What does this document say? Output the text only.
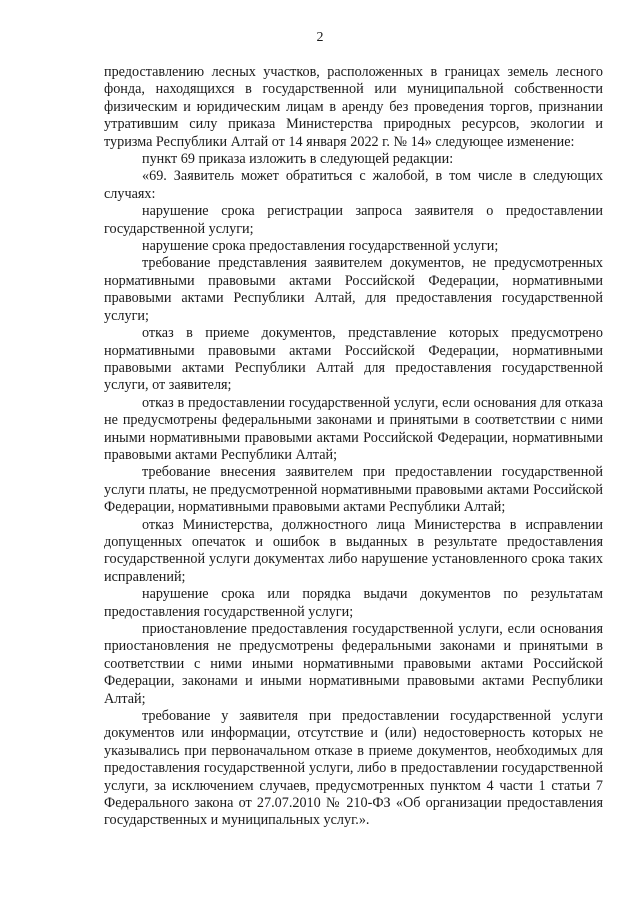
2

предоставлению лесных участков, расположенных в границах земель лесного фонда, находящихся в государственной или муниципальной собственности физическим и юридическим лицам в аренду без проведения торгов, признании утратившим силу приказа Министерства природных ресурсов, экологии и туризма Республики Алтай от 14 января 2022 г. № 14» следующее изменение:

пункт 69 приказа изложить в следующей редакции:

«69. Заявитель может обратиться с жалобой, в том числе в следующих случаях:

нарушение срока регистрации запроса заявителя о предоставлении государственной услуги;

нарушение срока предоставления государственной услуги;

требование представления заявителем документов, не предусмотренных нормативными правовыми актами Российской Федерации, нормативными правовыми актами Республики Алтай, для предоставления государственной услуги;

отказ в приеме документов, представление которых предусмотрено нормативными правовыми актами Российской Федерации, нормативными правовыми актами Республики Алтай для предоставления государственной услуги, от заявителя;

отказ в предоставлении государственной услуги, если основания для отказа не предусмотрены федеральными законами и принятыми в соответствии с ними иными нормативными правовыми актами Российской Федерации, нормативными правовыми актами Республики Алтай;

требование внесения заявителем при предоставлении государственной услуги платы, не предусмотренной нормативными правовыми актами Российской Федерации, нормативными правовыми актами Республики Алтай;

отказ Министерства, должностного лица Министерства в исправлении допущенных опечаток и ошибок в выданных в результате предоставления государственной услуги документах либо нарушение установленного срока таких исправлений;

нарушение срока или порядка выдачи документов по результатам предоставления государственной услуги;

приостановление предоставления государственной услуги, если основания приостановления не предусмотрены федеральными законами и принятыми в соответствии с ними иными нормативными правовыми актами Российской Федерации, законами и иными нормативными правовыми актами Республики Алтай;

требование у заявителя при предоставлении государственной услуги документов или информации, отсутствие и (или) недостоверность которых не указывались при первоначальном отказе в приеме документов, необходимых для предоставления государственной услуги, либо в предоставлении государственной услуги, за исключением случаев, предусмотренных пунктом 4 части 1 статьи 7 Федерального закона от 27.07.2010 № 210-ФЗ «Об организации предоставления государственных и муниципальных услуг.».
